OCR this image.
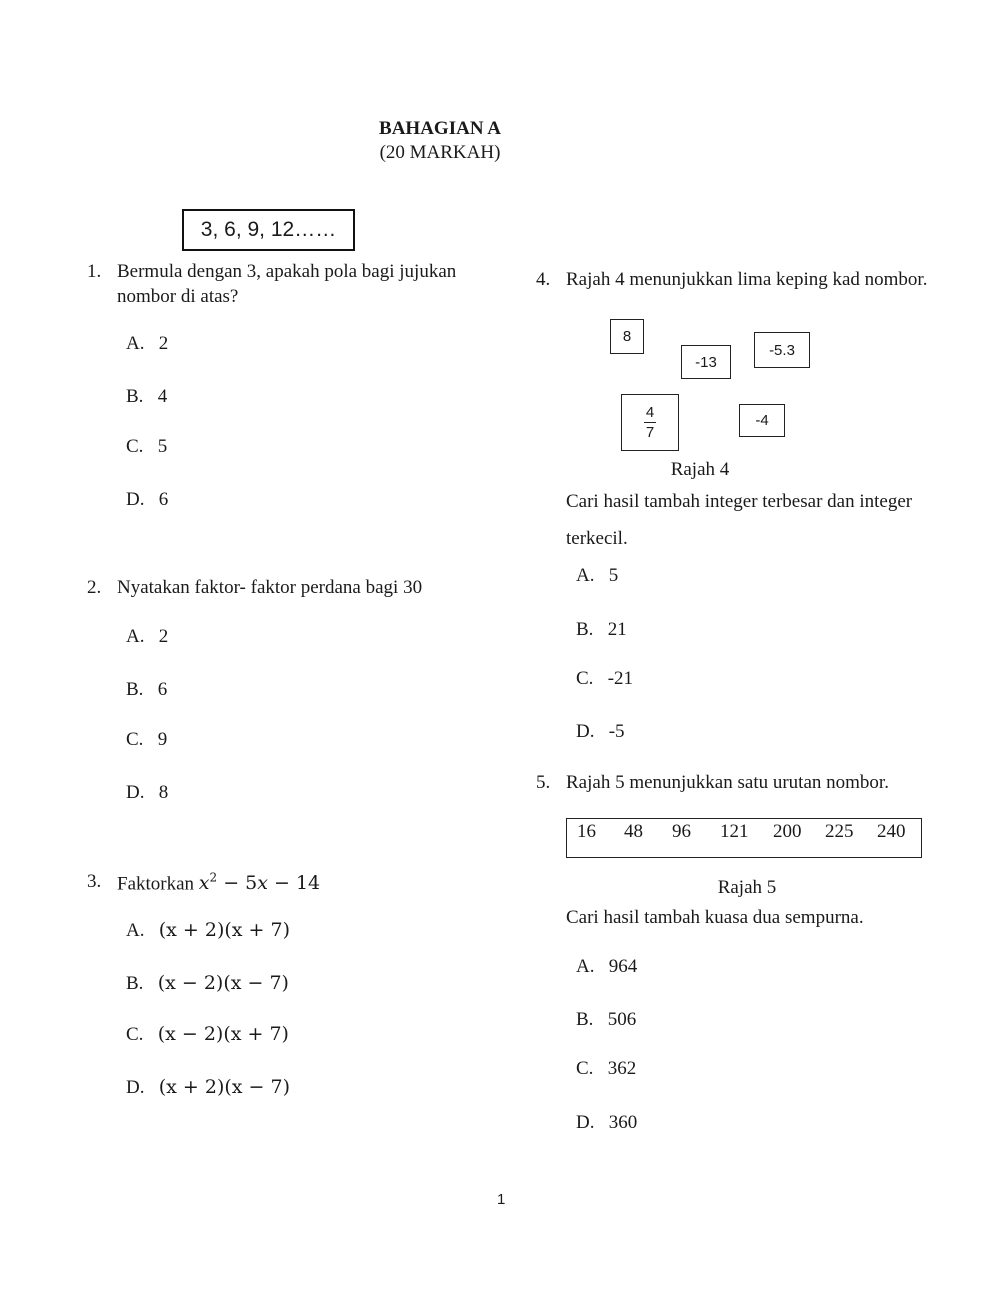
BAHAGIAN A
(20 MARKAH)
3, 6, 9, 12……
1. Bermula dengan 3, apakah pola bagi jujukan
nombor di atas?
A. 2
B. 4
C. 5
D. 6
2. Nyatakan faktor- faktor perdana bagi 30
A. 2
B. 6
C. 9
D. 8
3. Faktorkan $x^2 - 5x - 14$
A. (x + 2)(x + 7)
B. (x − 2)(x − 7)
C. (x − 2)(x + 7)
D. (x + 2)(x − 7)
4. Rajah 4 menunjukkan lima keping kad nombor.
8
-13
-5.3
$\frac{4}{7}$	-4
Rajah 4
Cari hasil tambah integer terbesar dan integer
terkecil.
A. 5
B. 21
C. -21
D. -5
5. Rajah 5 menunjukkan satu urutan nombor.
16 48 96 121 200 225 240
Rajah 5
Cari hasil tambah kuasa dua sempurna.
A. 964
B. 506
C. 362
D. 360
1
